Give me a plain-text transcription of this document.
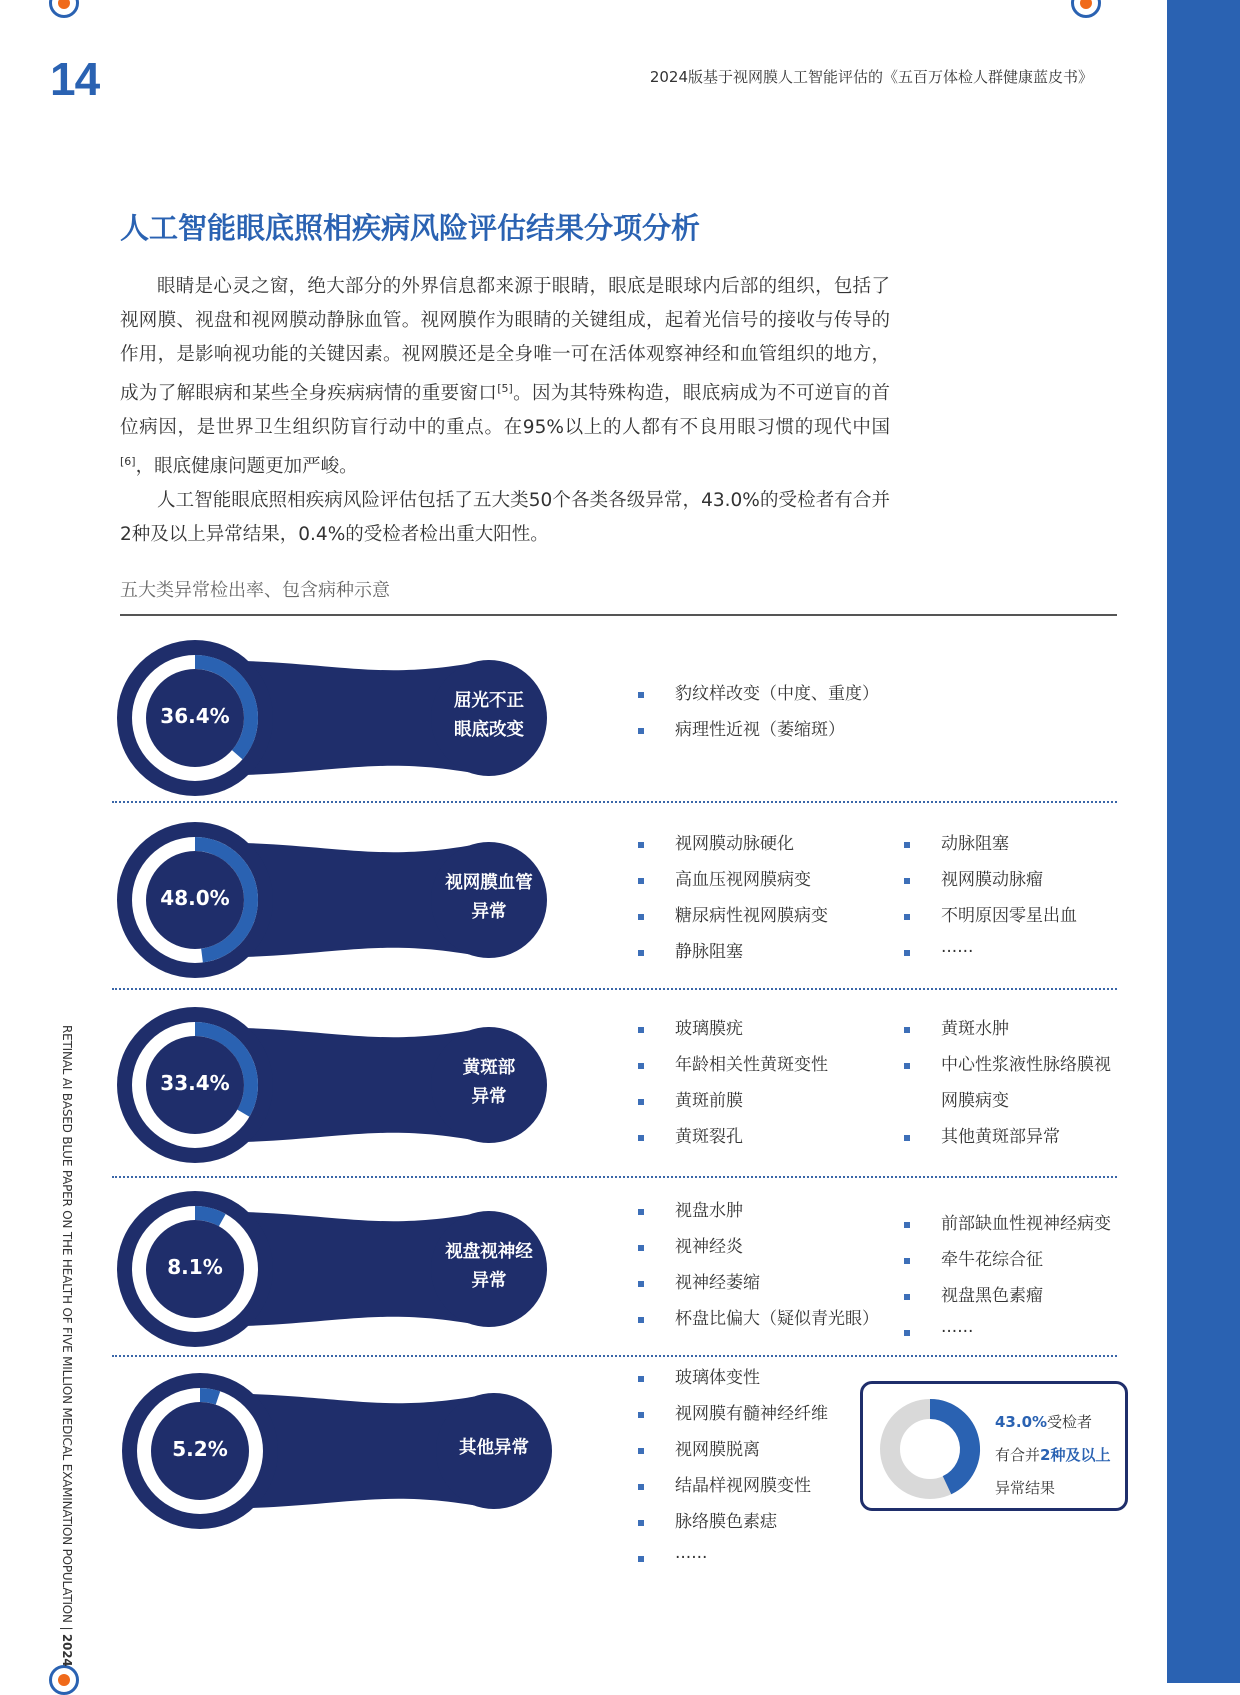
14	2024版基于视网膜人工智能评估的《五百万体检人群健康蓝皮书》
人工智能眼底照相疾病风险评估结果分项分析

眼睛是心灵之窗，绝大部分的外界信息都来源于眼睛，眼底是眼球内后部的组织，包括了视网膜、视盘和视网膜动静脉血管。视网膜作为眼睛的关键组成，起着光信号的接收与传导的作用，是影响视功能的关键因素。视网膜还是全身唯一可在活体观察神经和血管组织的地方，成为了解眼病和某些全身疾病病情的重要窗口[5]。因为其特殊构造，眼底病成为不可逆盲的首位病因，是世界卫生组织防盲行动中的重点。在95%以上的人都有不良用眼习惯的现代中国[6]，眼底健康问题更加严峻。

人工智能眼底照相疾病风险评估包括了五大类50个各类各级异常，43.0%的受检者有合并2种及以上异常结果，0.4%的受检者检出重大阳性。

五大类异常检出率、包含病种示意
36.4%
屈光不正
眼底改变
豹纹样改变（中度、重度）
病理性近视（萎缩斑）
48.0%
视网膜血管
异常
视网膜动脉硬化
高血压视网膜病变
糖尿病性视网膜病变
静脉阻塞
动脉阻塞
视网膜动脉瘤
不明原因零星出血
······
33.4%
黄斑部
异常
玻璃膜疣
年龄相关性黄斑变性
黄斑前膜
黄斑裂孔
黄斑水肿
中心性浆液性脉络膜视
网膜病变
其他黄斑部异常
8.1%
视盘视神经
异常
视盘水肿
视神经炎
视神经萎缩
杯盘比偏大（疑似青光眼）
前部缺血性视神经病变
牵牛花综合征
视盘黑色素瘤
······
5.2%	其他异常
玻璃体变性
视网膜有髓神经纤维
视网膜脱离
结晶样视网膜变性
脉络膜色素痣
······
43.0%受检者
有合并2种及以上
异常结果
RETINAL AI BASED BLUE PAPER ON THE HEALTH OF FIVE MILLION MEDICAL EXAMINATION POPULATION | 2024
